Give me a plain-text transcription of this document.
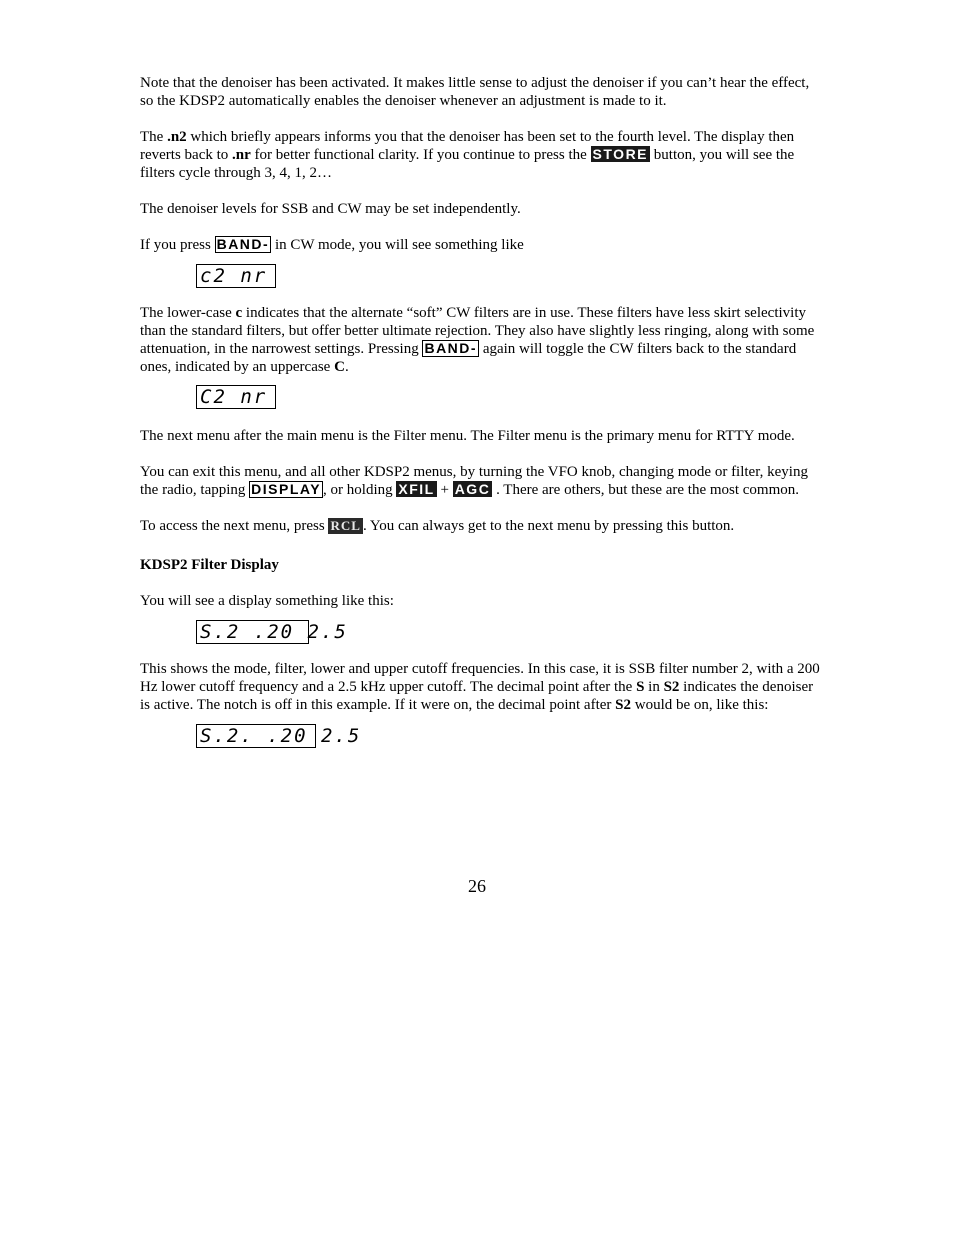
Note that the denoiser has been activated. It makes little sense to adjust the denoiser if you can’t hear the effect, so the KDSP2 automatically enables the denoiser whenever an adjustment is made to it.

The .n2 which briefly appears informs you that the denoiser has been set to the fourth level. The display then reverts back to .nr for better functional clarity. If you continue to press the STORE button, you will see the filters cycle through 3, 4, 1, 2…

The denoiser levels for SSB and CW may be set independently.

If you press BAND- in CW mode, you will see something like

c2 nr

The lower-case c indicates that the alternate “soft” CW filters are in use. These filters have less skirt selectivity than the standard filters, but offer better ultimate rejection. They also have slightly less ringing, along with some attenuation, in the narrowest settings. Pressing BAND- again will toggle the CW filters back to the standard ones, indicated by an uppercase C.

C2 nr

The next menu after the main menu is the Filter menu. The Filter menu is the primary menu for RTTY mode.

You can exit this menu, and all other KDSP2 menus, by turning the VFO knob, changing mode or filter, keying the radio, tapping DISPLAY , or holding XFIL + AGC . There are others, but these are the most common.

To access the next menu, press RCL . You can always get to the next menu by pressing this button.

KDSP2 Filter Display

You will see a display something like this:

S.2 .20 2.5

This shows the mode, filter, lower and upper cutoff frequencies. In this case, it is SSB filter number 2, with a 200 Hz lower cutoff frequency and a 2.5 kHz upper cutoff. The decimal point after the S in S2 indicates the denoiser is active. The notch is off in this example. If it were on, the decimal point after S2 would be on, like this:

S.2. .20 2.5
26
